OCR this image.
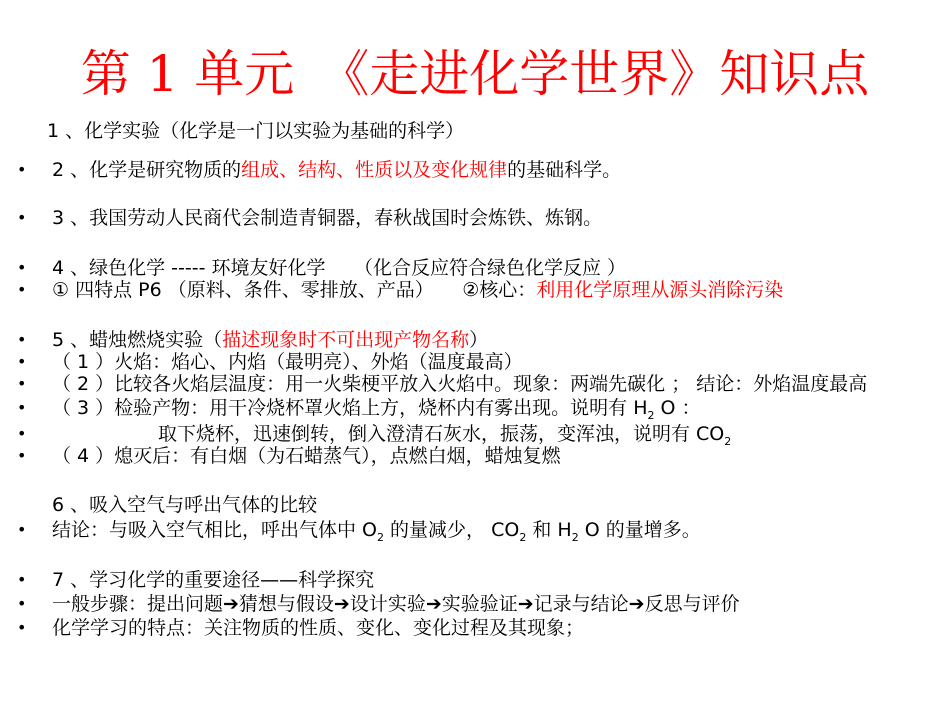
第 1 单元　《走进化学世界》知识点
1 、化学实验（化学是一门以实验为基础的科学）
• 2 、化学是研究物质的组成、结构、性质以及变化规律的基础科学。
• 3 、我国劳动人民商代会制造青铜器，春秋战国时会炼铁、炼钢。
• 4 、绿色化学 ----- 环境友好化学　　（化合反应符合绿色化学反应 ）
• ① 四特点 P6 （原料、条件、零排放、产品）　　②核心：利用化学原理从源头消除污染
• 5 、蜡烛燃烧实验（描述现象时不可出现产物名称）
• （ 1 ）火焰：焰心、内焰（最明亮）、外焰（温度最高）
• （ 2 ）比较各火焰层温度：用一火柴梗平放入火焰中。现象：两端先碳化 ； 结论：外焰温度最高
• （ 3 ）检验产物：用干冷烧杯罩火焰上方，烧杯内有雾出现。说明有 $H_2$ O ：
•	取下烧杯，迅速倒转，倒入澄清石灰水，振荡，变浑浊，说明有 $CO_2$
• （ 4 ）熄灭后：有白烟（为石蜡蒸气），点燃白烟，蜡烛复燃
6 、吸入空气与呼出气体的比较
• 结论：与吸入空气相比，呼出气体中 $O_2$ 的量减少， $CO_2$ 和 $H_2$ O 的量增多。
• 7 、学习化学的重要途径——科学探究
• 一般步骤：提出问题➔猜想与假设➔设计实验➔实验验证➔记录与结论➔反思与评价
• 化学学习的特点：关注物质的性质、变化、变化过程及其现象；
